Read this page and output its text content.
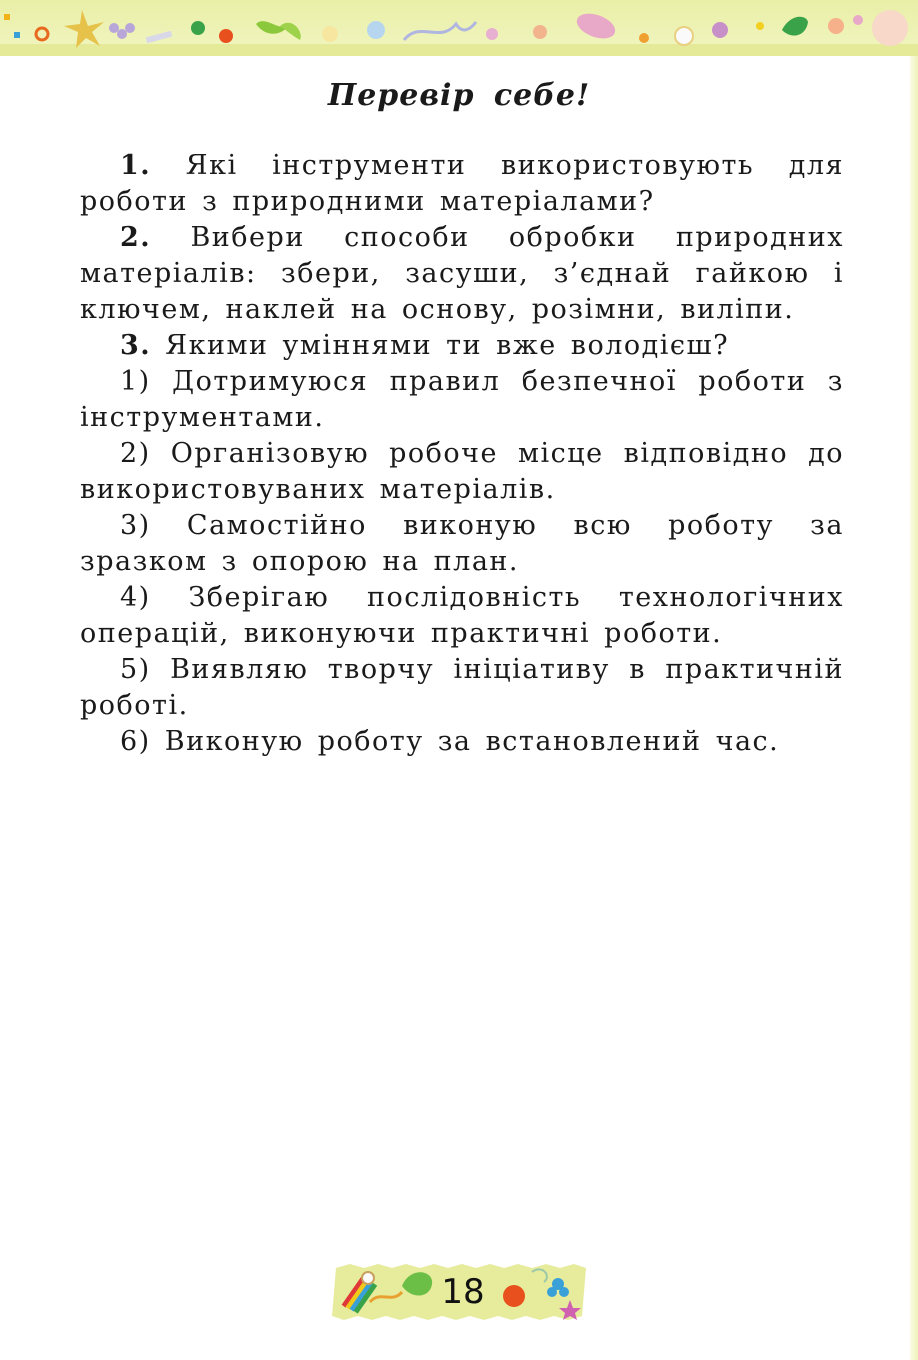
Перевір себе!

1. Які інструменти використовують для роботи з природними матеріалами?

2. Вибери способи обробки природних матеріалів: збери, засуши, з’єднай гайкою і ключем, наклей на основу, розімни, виліпи.

3. Якими уміннями ти вже володієш?

1) Дотримуюся правил безпечної роботи з інструментами.

2) Організовую робоче місце відповідно до використовуваних матеріалів.

3) Самостійно виконую всю роботу за зразком з опорою на план.

4) Зберігаю послідовність технологічних операцій, виконуючи практичні роботи.

5) Виявляю творчу ініціативу в практичній роботі.

6) Виконую роботу за встановлений час.

18
